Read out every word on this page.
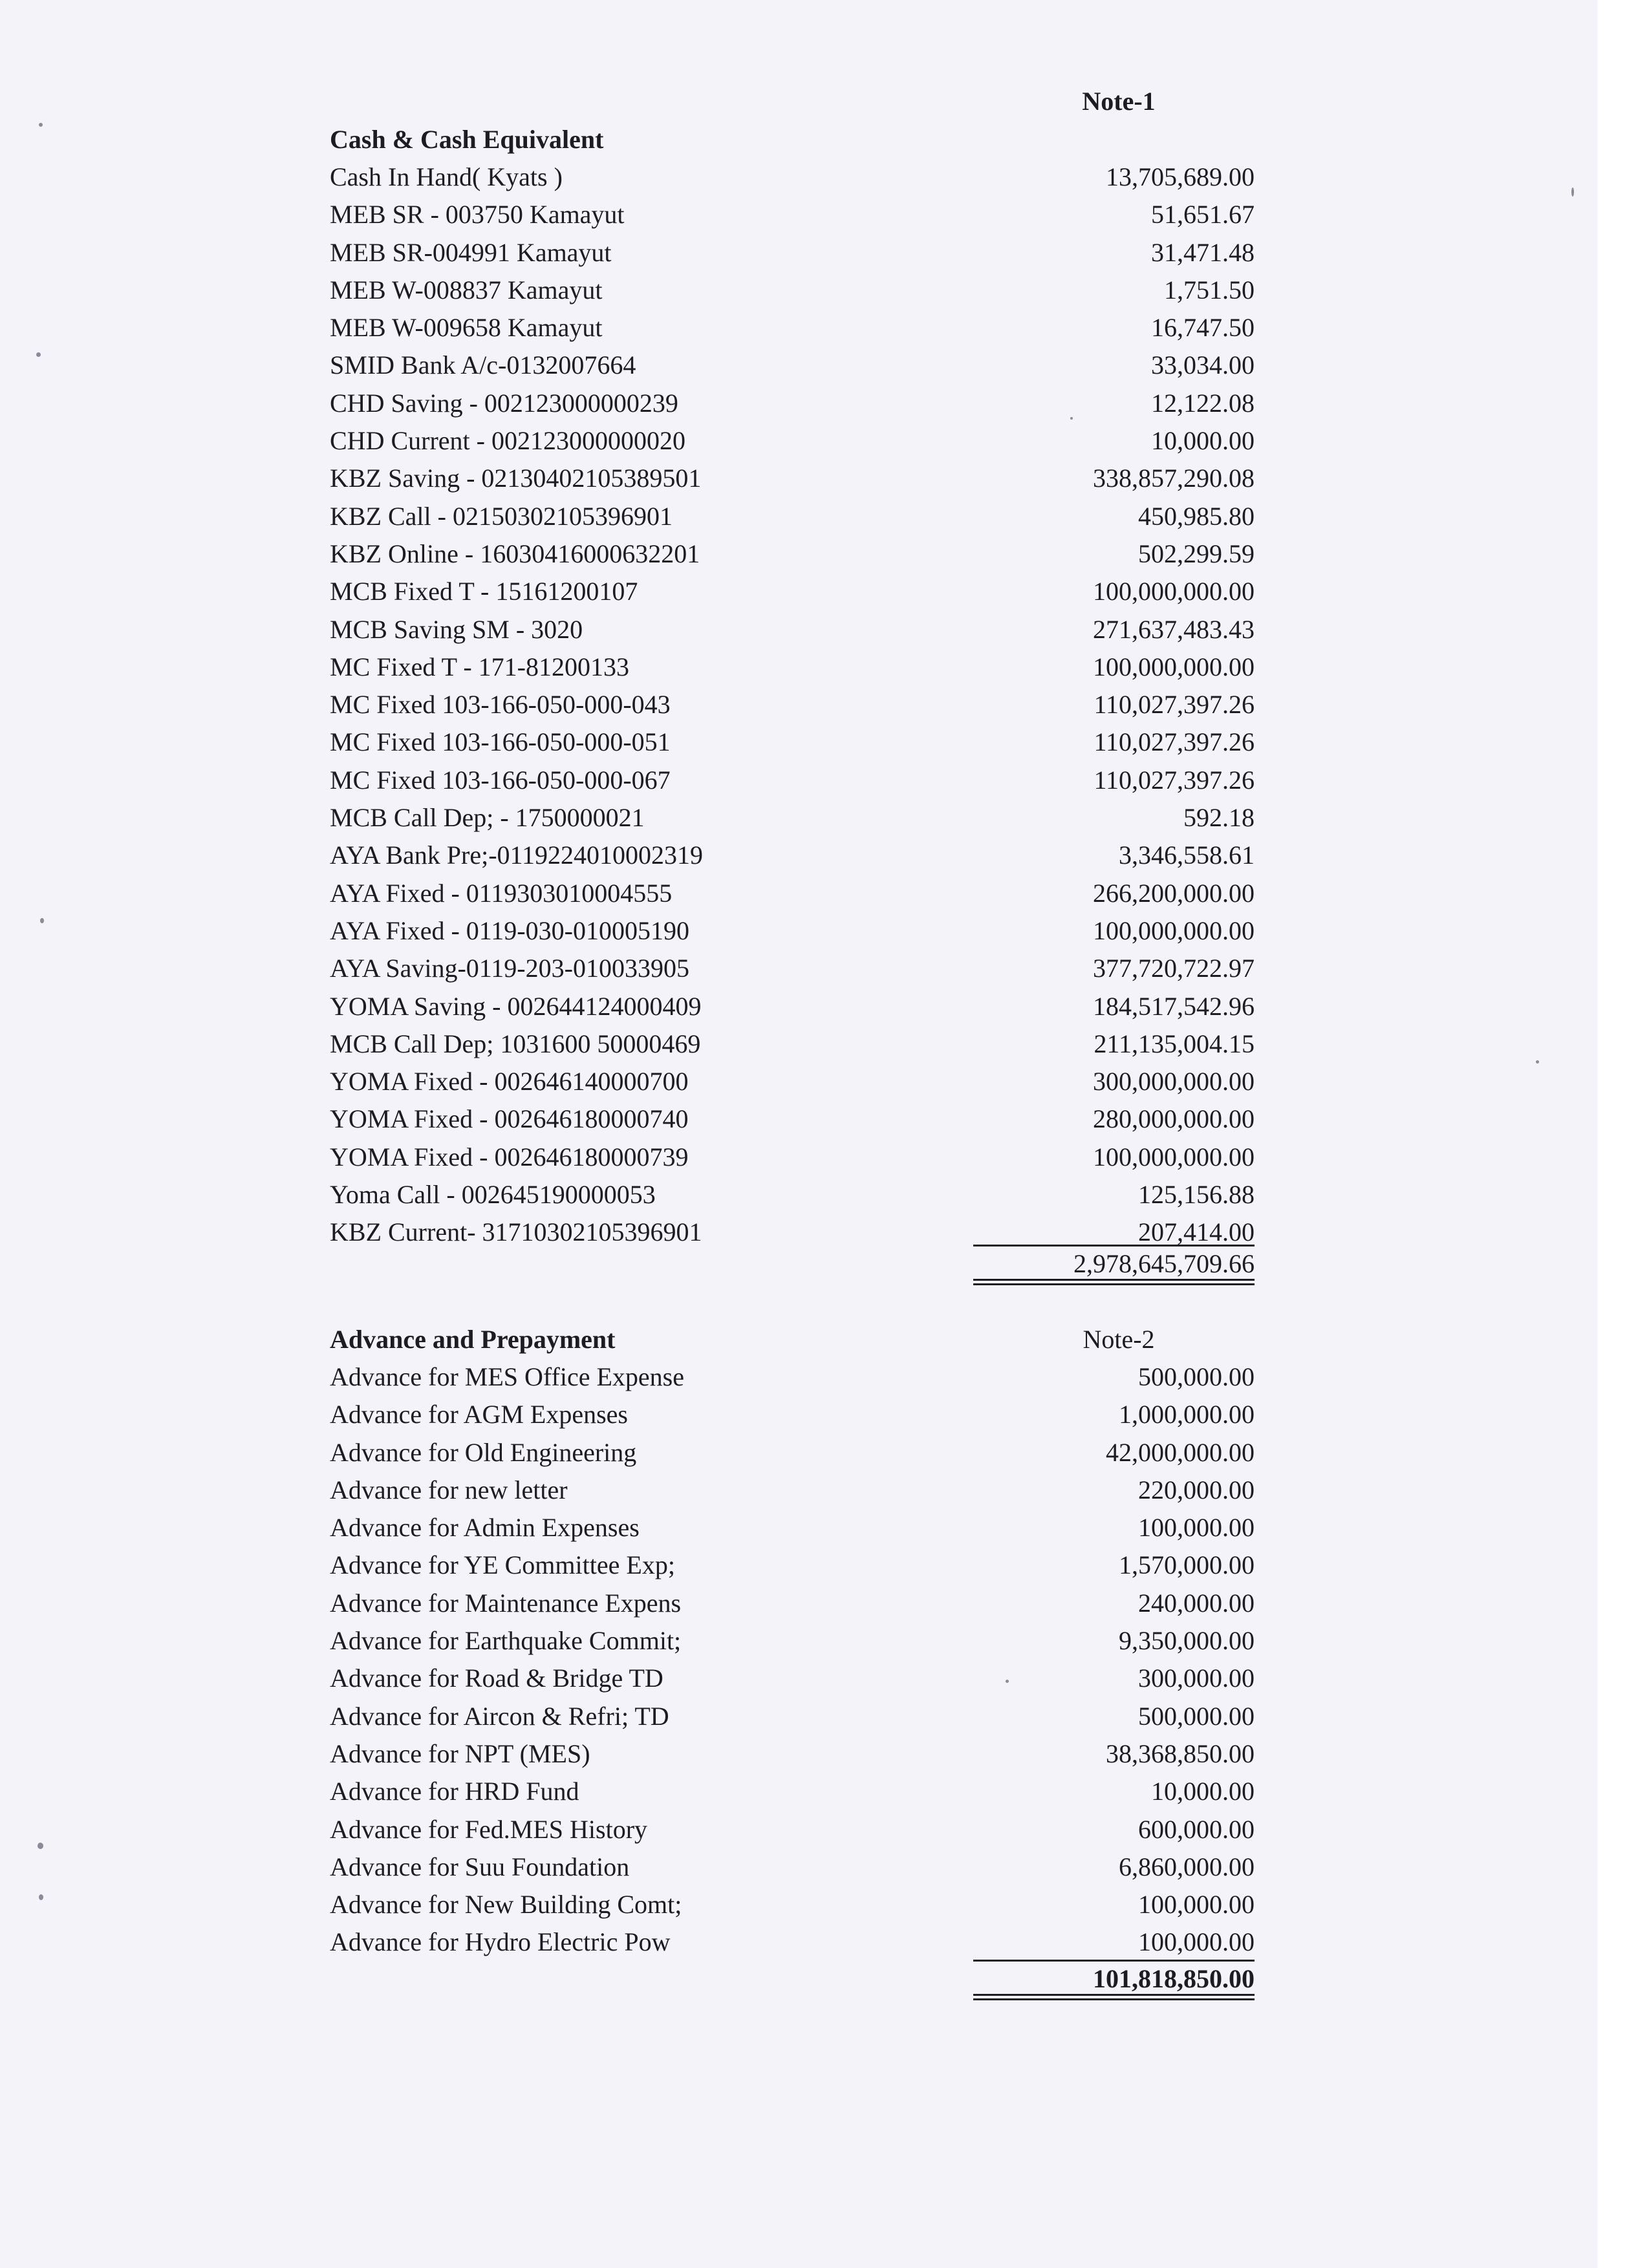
Note-1
Cash & Cash Equivalent
Cash In Hand( Kyats )	13,705,689.00
MEB SR - 003750 Kamayut	51,651.67
MEB SR-004991 Kamayut	31,471.48
MEB W-008837 Kamayut	1,751.50
MEB W-009658 Kamayut	16,747.50
SMID Bank A/c-0132007664	33,034.00
CHD Saving - 002123000000239	12,122.08
CHD Current - 002123000000020	10,000.00
KBZ Saving - 02130402105389501	338,857,290.08
KBZ Call - 02150302105396901	450,985.80
KBZ Online - 16030416000632201	502,299.59
MCB Fixed T - 15161200107	100,000,000.00
MCB Saving SM - 3020	271,637,483.43
MC Fixed T - 171-81200133	100,000,000.00
MC Fixed 103-166-050-000-043	110,027,397.26
MC Fixed 103-166-050-000-051	110,027,397.26
MC Fixed 103-166-050-000-067	110,027,397.26
MCB Call Dep; - 1750000021	592.18
AYA Bank Pre;-0119224010002319	3,346,558.61
AYA Fixed - 0119303010004555	266,200,000.00
AYA Fixed - 0119-030-010005190	100,000,000.00
AYA Saving-0119-203-010033905	377,720,722.97
YOMA Saving - 002644124000409	184,517,542.96
MCB Call Dep; 1031600 50000469	211,135,004.15
YOMA Fixed - 002646140000700	300,000,000.00
YOMA Fixed - 002646180000740	280,000,000.00
YOMA Fixed - 002646180000739	100,000,000.00
Yoma Call - 002645190000053	125,156.88
KBZ Current- 31710302105396901	207,414.00
2,978,645,709.66
Advance and Prepayment	Note-2
Advance for MES Office Expense	500,000.00
Advance for AGM Expenses	1,000,000.00
Advance for Old Engineering	42,000,000.00
Advance for new letter	220,000.00
Advance for Admin Expenses	100,000.00
Advance for YE Committee Exp;	1,570,000.00
Advance for Maintenance Expens	240,000.00
Advance for Earthquake Commit;	9,350,000.00
Advance for Road & Bridge TD	300,000.00
Advance for Aircon & Refri; TD	500,000.00
Advance for NPT (MES)	38,368,850.00
Advance for HRD Fund	10,000.00
Advance for Fed.MES History	600,000.00
Advance for Suu Foundation	6,860,000.00
Advance for New Building Comt;	100,000.00
Advance for Hydro Electric Pow	100,000.00
101,818,850.00
